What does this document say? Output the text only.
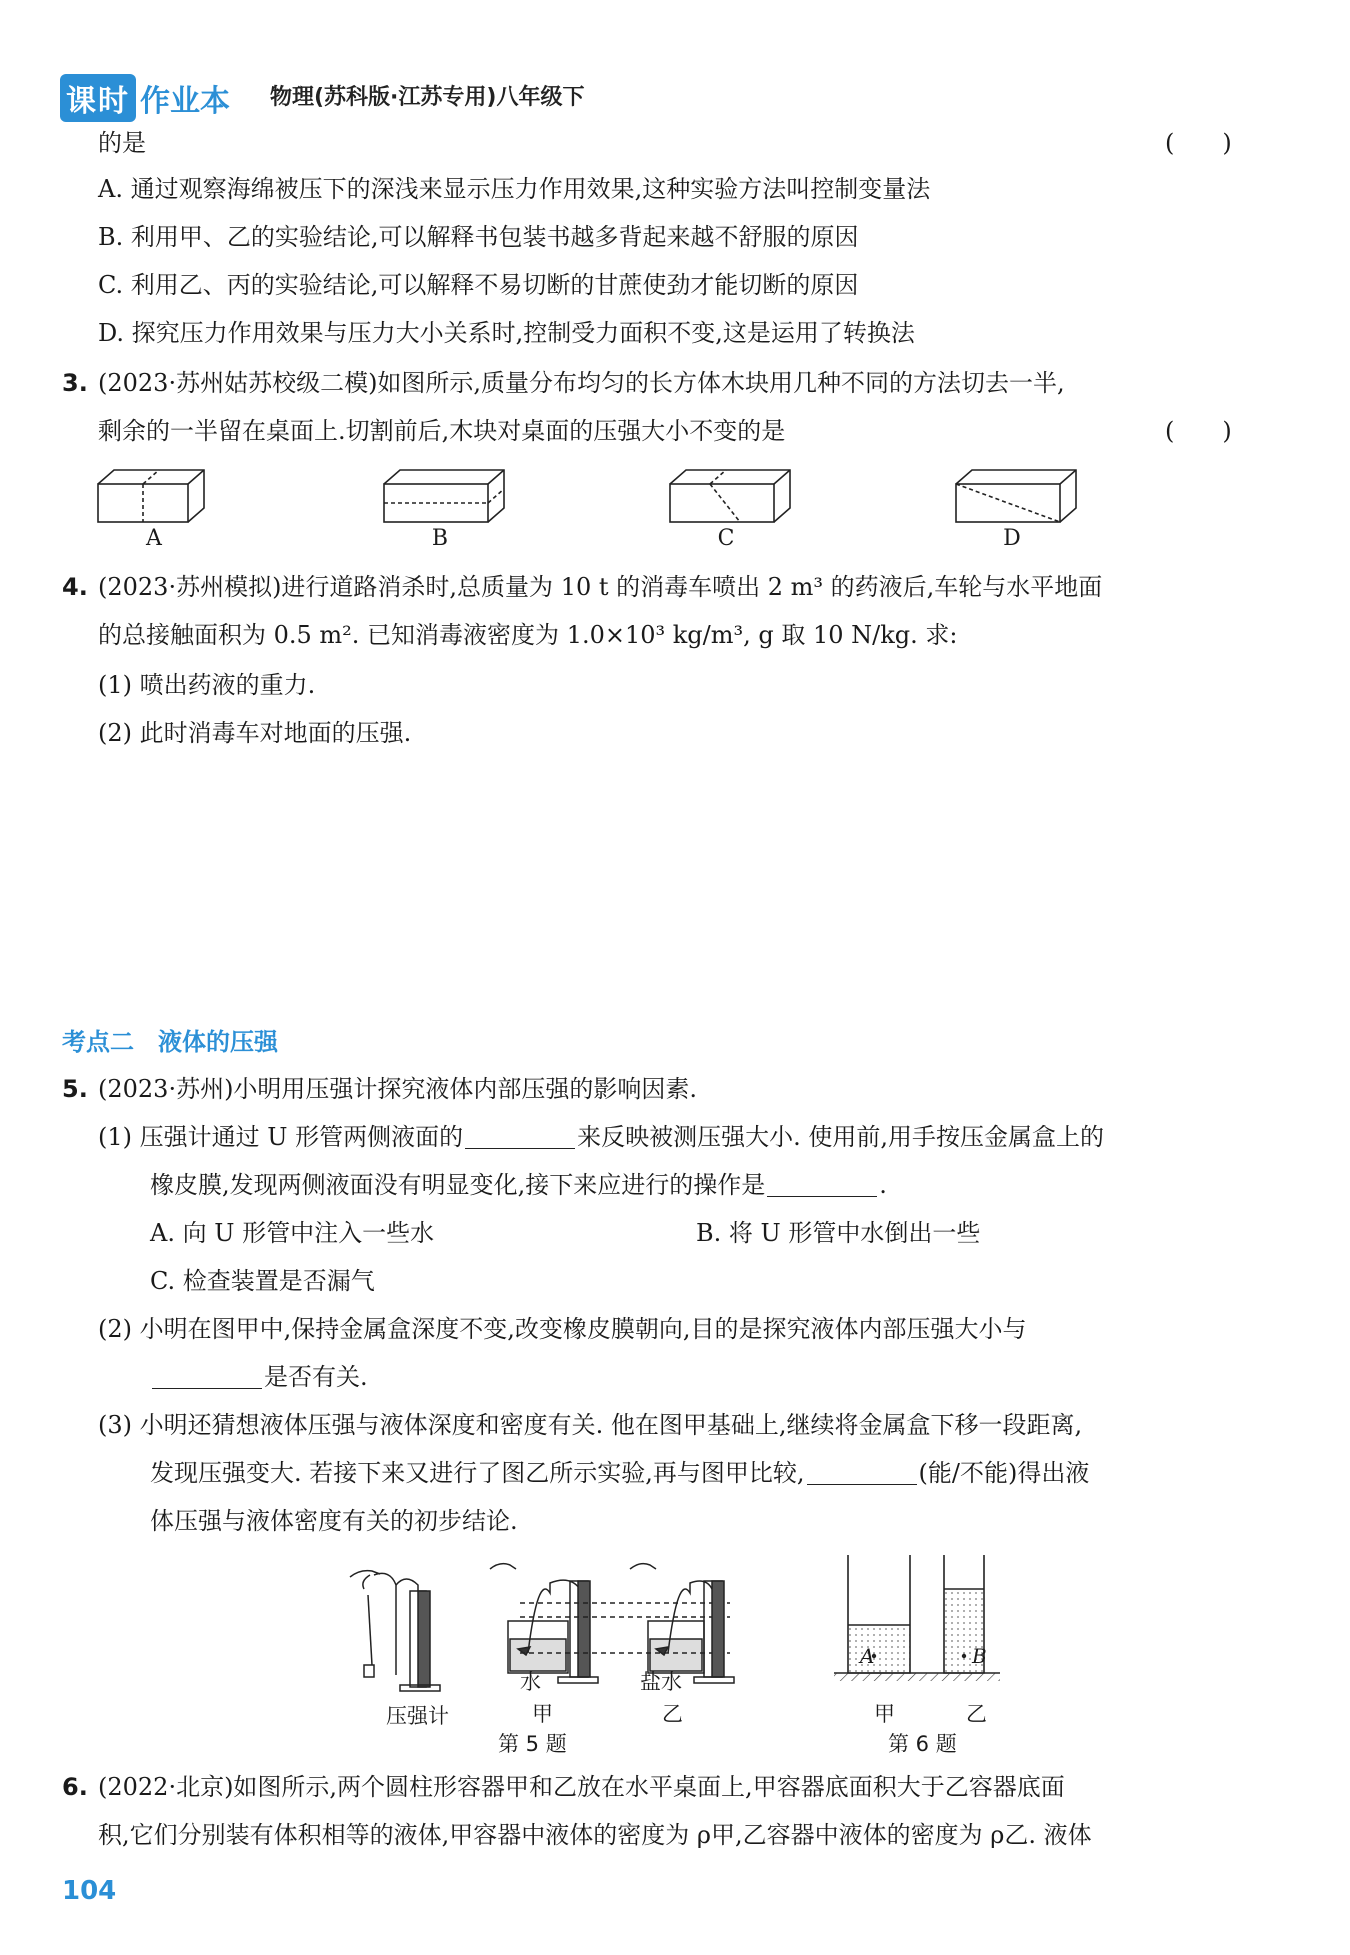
课时 作业本 物理(苏科版·江苏专用)八年级下
的是	(　　)
A. 通过观察海绵被压下的深浅来显示压力作用效果,这种实验方法叫控制变量法
B. 利用甲、乙的实验结论,可以解释书包装书越多背起来越不舒服的原因
C. 利用乙、丙的实验结论,可以解释不易切断的甘蔗使劲才能切断的原因
D. 探究压力作用效果与压力大小关系时,控制受力面积不变,这是运用了转换法
3. (2023·苏州姑苏校级二模)如图所示,质量分布均匀的长方体木块用几种不同的方法切去一半,
剩余的一半留在桌面上.切割前后,木块对桌面的压强大小不变的是	(　　)
A	B	C	D
4. (2023·苏州模拟)进行道路消杀时,总质量为 10 t 的消毒车喷出 2 m³ 的药液后,车轮与水平地面
的总接触面积为 0.5 m². 已知消毒液密度为 1.0×10³ kg/m³, g 取 10 N/kg. 求:
(1) 喷出药液的重力.
(2) 此时消毒车对地面的压强.
考点二　液体的压强
5. (2023·苏州)小明用压强计探究液体内部压强的影响因素.
(1) 压强计通过 U 形管两侧液面的	来反映被测压强大小. 使用前,用手按压金属盒上的
橡皮膜,发现两侧液面没有明显变化,接下来应进行的操作是	.
A. 向 U 形管中注入一些水	B. 将 U 形管中水倒出一些
C. 检查装置是否漏气
(2) 小明在图甲中,保持金属盒深度不变,改变橡皮膜朝向,目的是探究液体内部压强大小与
是否有关.
(3) 小明还猜想液体压强与液体深度和密度有关. 他在图甲基础上,继续将金属盒下移一段距离,
发现压强变大. 若接下来又进行了图乙所示实验,再与图甲比较,	(能/不能)得出液
体压强与液体密度有关的初步结论.
压强计
水
甲
盐水
乙
第 5 题
A	B
甲	乙
第 6 题
6. (2022·北京)如图所示,两个圆柱形容器甲和乙放在水平桌面上,甲容器底面积大于乙容器底面
积,它们分别装有体积相等的液体,甲容器中液体的密度为 ρ甲,乙容器中液体的密度为 ρ乙. 液体
104
